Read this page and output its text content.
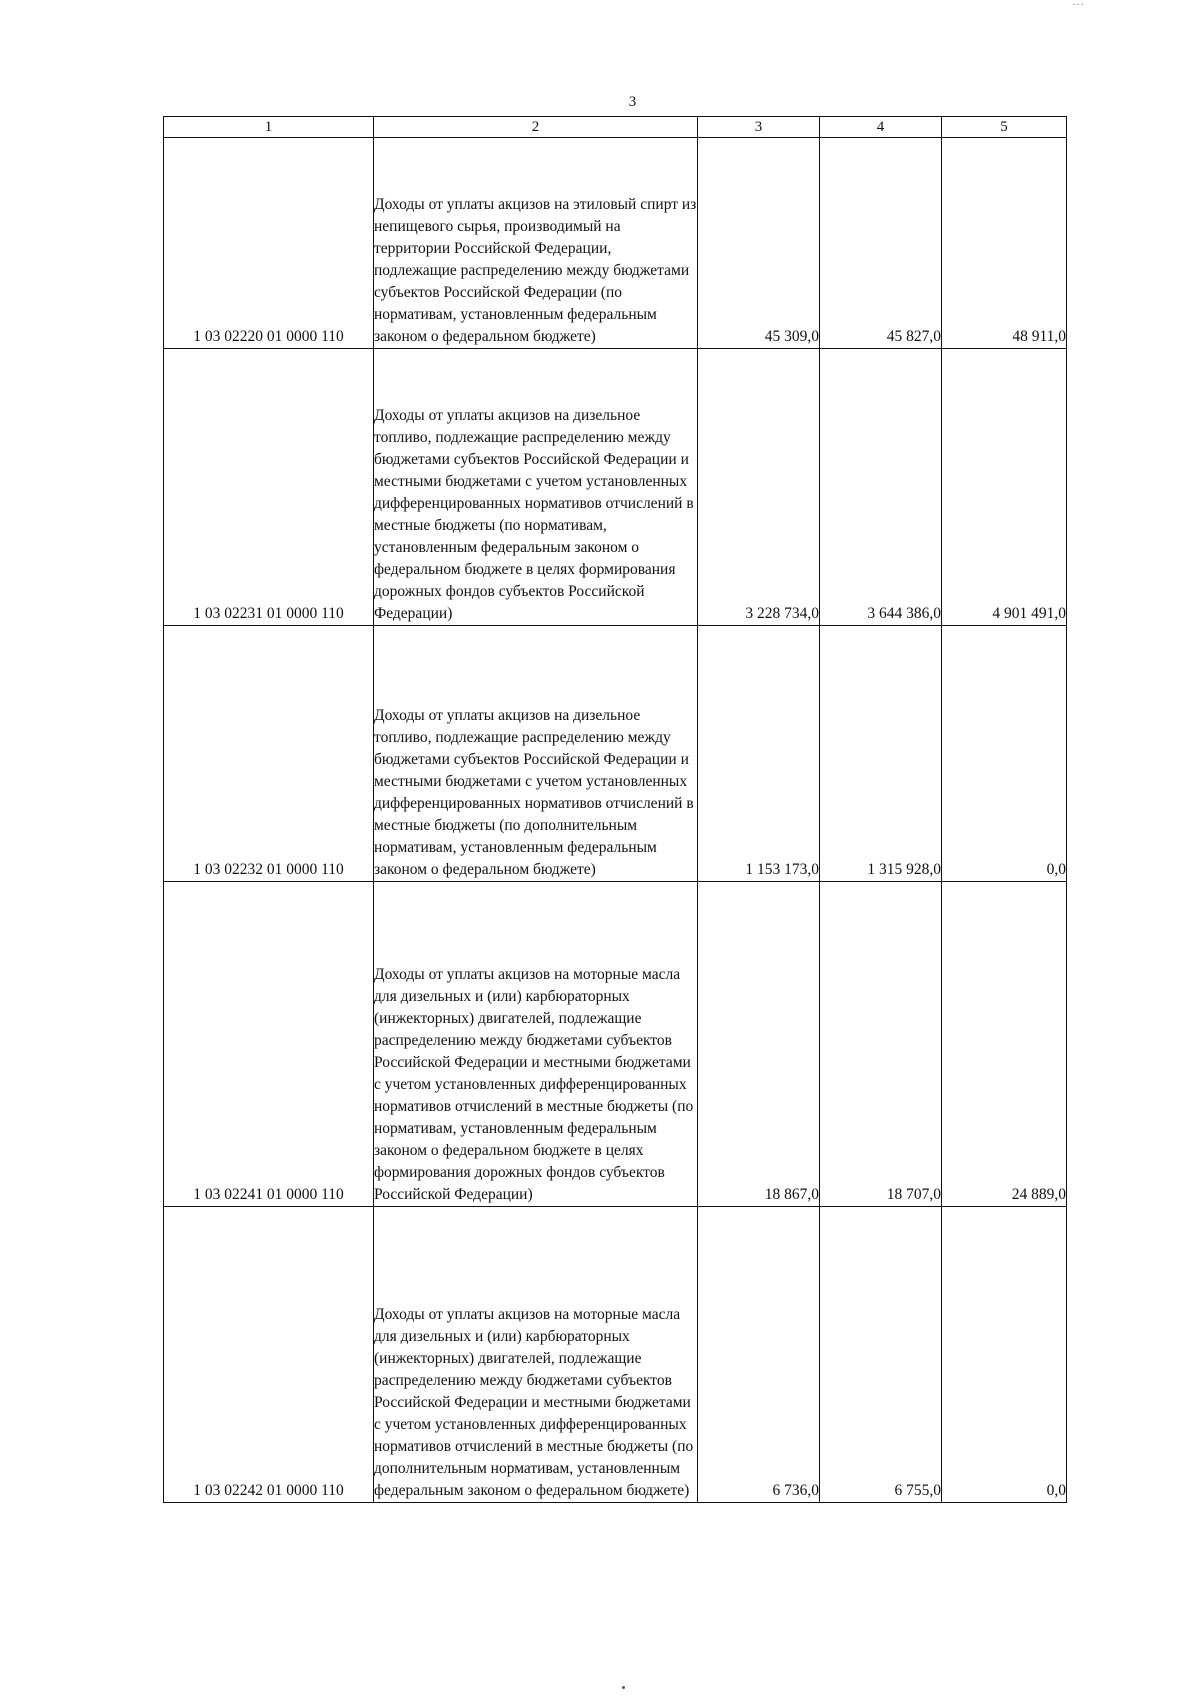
···
3
1	2	3	4	5
1 03 02220 01 0000 110	Доходы от уплаты акцизов на этиловый спирт из непищевого сырья, производимый на территории Российской Федерации, подлежащие распределению между бюджетами субъектов Российской Федерации (по нормативам, установленным федеральным законом о федеральном бюджете)	45 309,0	45 827,0	48 911,0
1 03 02231 01 0000 110	Доходы от уплаты акцизов на дизельное топливо, подлежащие распределению между бюджетами субъектов Российской Федерации и местными бюджетами с учетом установленных дифференцированных нормативов отчислений в местные бюджеты (по нормативам, установленным федеральным законом о федеральном бюджете в целях формирования дорожных фондов субъектов Российской Федерации)	3 228 734,0	3 644 386,0	4 901 491,0
1 03 02232 01 0000 110	Доходы от уплаты акцизов на дизельное топливо, подлежащие распределению между бюджетами субъектов Российской Федерации и местными бюджетами с учетом установленных дифференцированных нормативов отчислений в местные бюджеты (по дополнительным нормативам, установленным федеральным законом о федеральном бюджете)	1 153 173,0	1 315 928,0	0,0
1 03 02241 01 0000 110	Доходы от уплаты акцизов на моторные масла для дизельных и (или) карбюраторных (инжекторных) двигателей, подлежащие распределению между бюджетами субъектов Российской Федерации и местными бюджетами с учетом установленных дифференцированных нормативов отчислений в местные бюджеты (по нормативам, установленным федеральным законом о федеральном бюджете в целях формирования дорожных фондов субъектов Российской Федерации)	18 867,0	18 707,0	24 889,0
1 03 02242 01 0000 110	Доходы от уплаты акцизов на моторные масла для дизельных и (или) карбюраторных (инжекторных) двигателей, подлежащие распределению между бюджетами субъектов Российской Федерации и местными бюджетами с учетом установленных дифференцированных нормативов отчислений в местные бюджеты (по дополнительным нормативам, установленным федеральным законом о федеральном бюджете)	6 736,0	6 755,0	0,0
